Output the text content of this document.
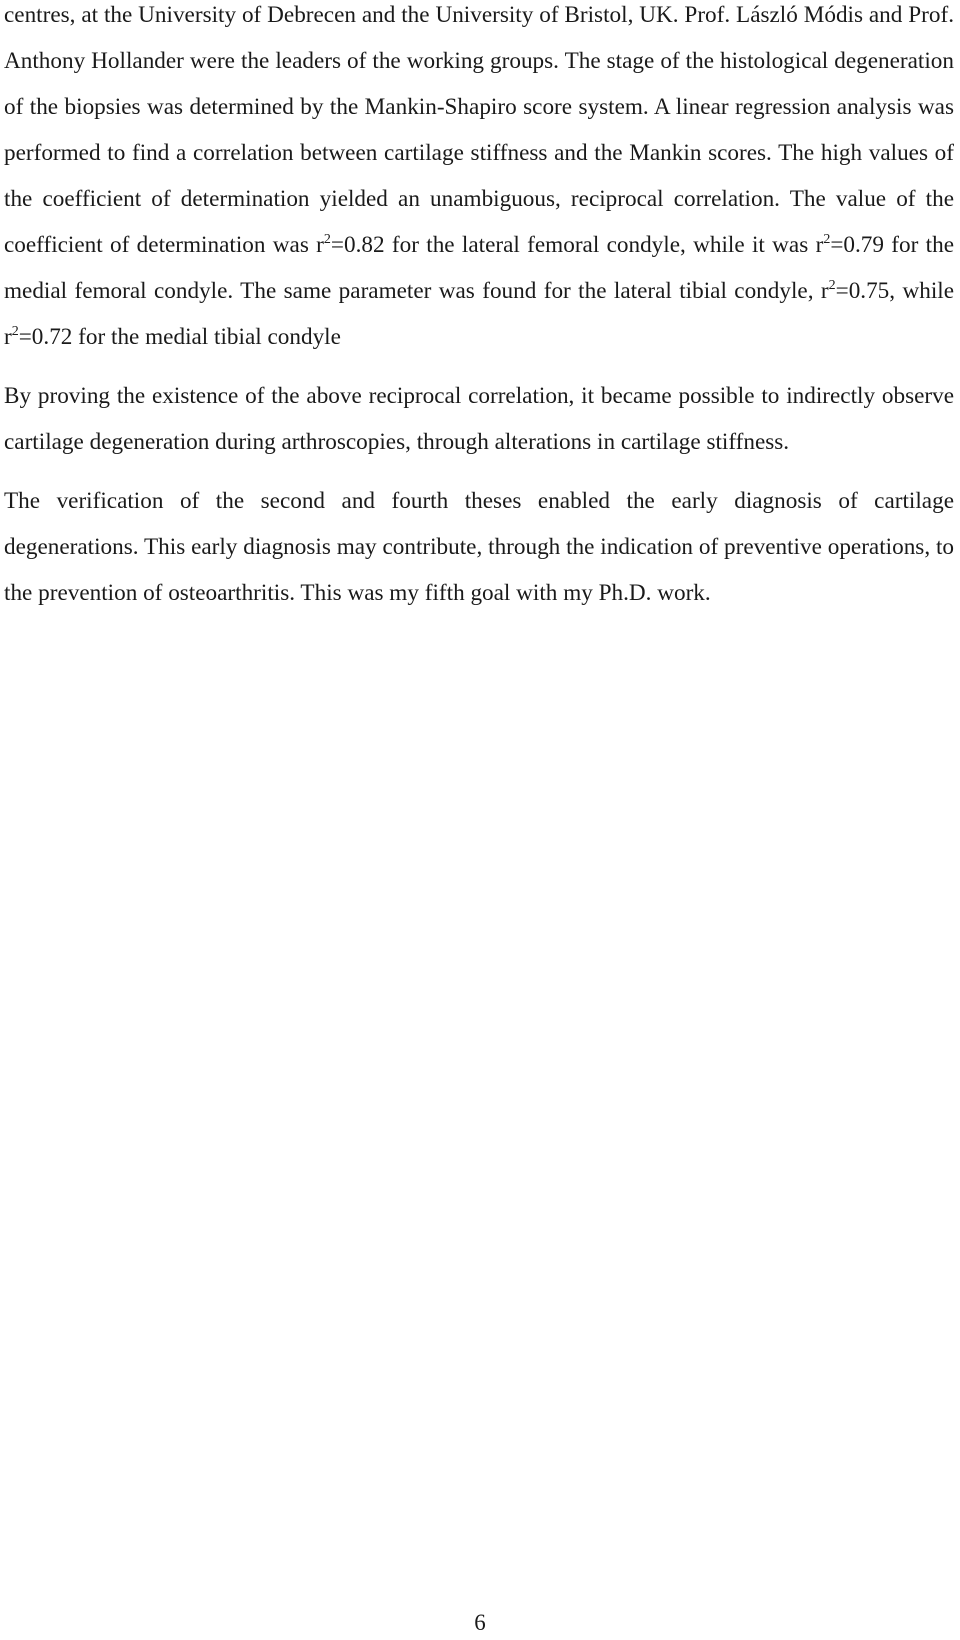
centres, at the University of Debrecen and the University of Bristol, UK. Prof. László Módis and Prof. Anthony Hollander were the leaders of the working groups. The stage of the histological degeneration of the biopsies was determined by the Mankin-Shapiro score system. A linear regression analysis was performed to find a correlation between cartilage stiffness and the Mankin scores. The high values of the coefficient of determination yielded an unambiguous, reciprocal correlation. The value of the coefficient of determination was $r^2=0.82$ for the lateral femoral condyle, while it was $r^2=0.79$ for the medial femoral condyle. The same parameter was found for the lateral tibial condyle, $r^2=0.75$, while $r^2=0.72$ for the medial tibial condyle

By proving the existence of the above reciprocal correlation, it became possible to indirectly observe cartilage degeneration during arthroscopies, through alterations in cartilage stiffness.

The verification of the second and fourth theses enabled the early diagnosis of cartilage degenerations. This early diagnosis may contribute, through the indication of preventive operations, to the prevention of osteoarthritis. This was my fifth goal with my Ph.D. work.

6
